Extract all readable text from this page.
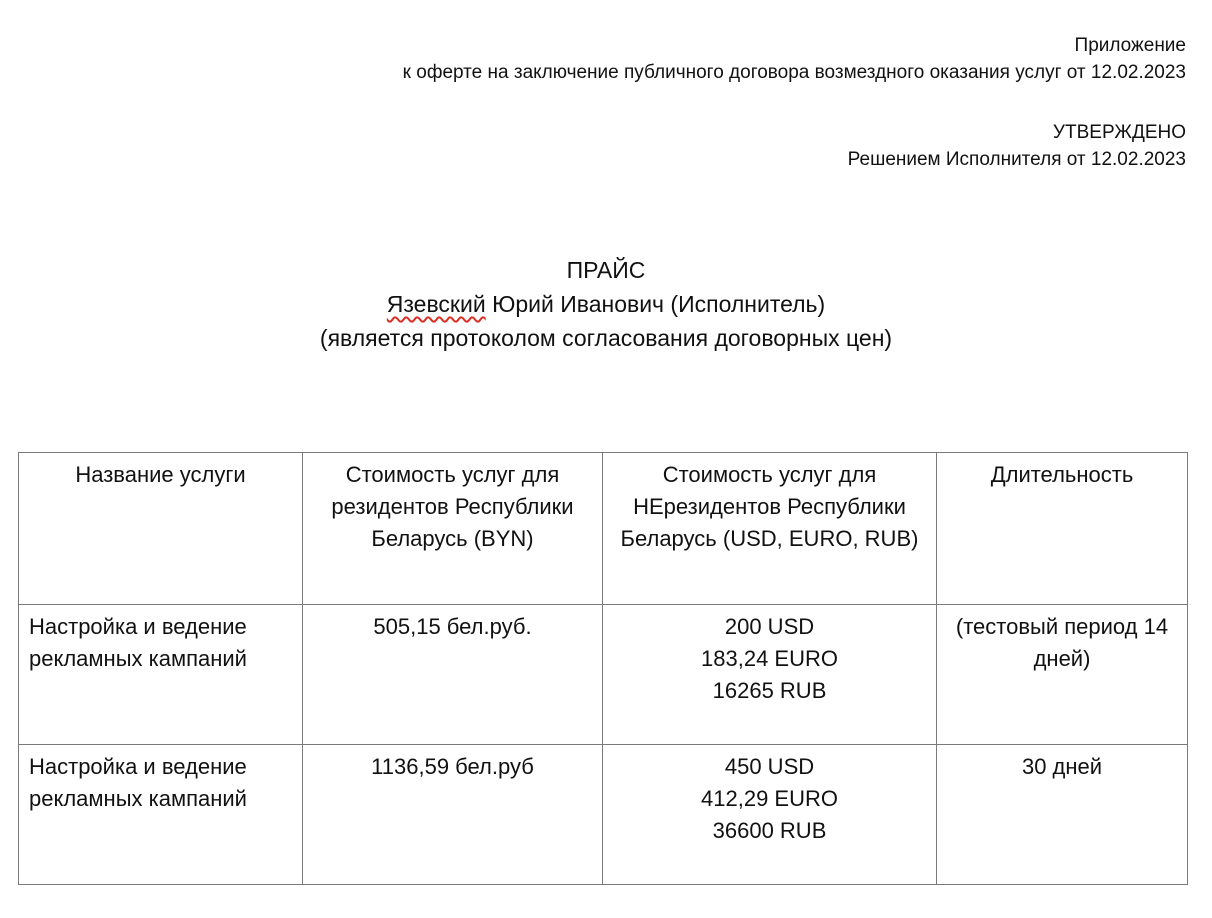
Приложение
к оферте на заключение публичного договора возмездного оказания услуг от 12.02.2023
УТВЕРЖДЕНО
Решением Исполнителя от 12.02.2023
ПРАЙС
Язевский Юрий Иванович (Исполнитель)
(является протоколом согласования договорных цен)
Название услуги	Стоимость услуг для резидентов Республики Беларусь (BYN)	Стоимость услуг для НЕрезидентов Республики Беларусь (USD, EURO, RUB)	Длительность
Настройка и ведение рекламных кампаний	505,15 бел.руб.	200 USD
183,24 EURO
16265 RUB	(тестовый период 14 дней)
Настройка и ведение рекламных кампаний	1136,59 бел.руб	450 USD
412,29 EURO
36600 RUB	30 дней
